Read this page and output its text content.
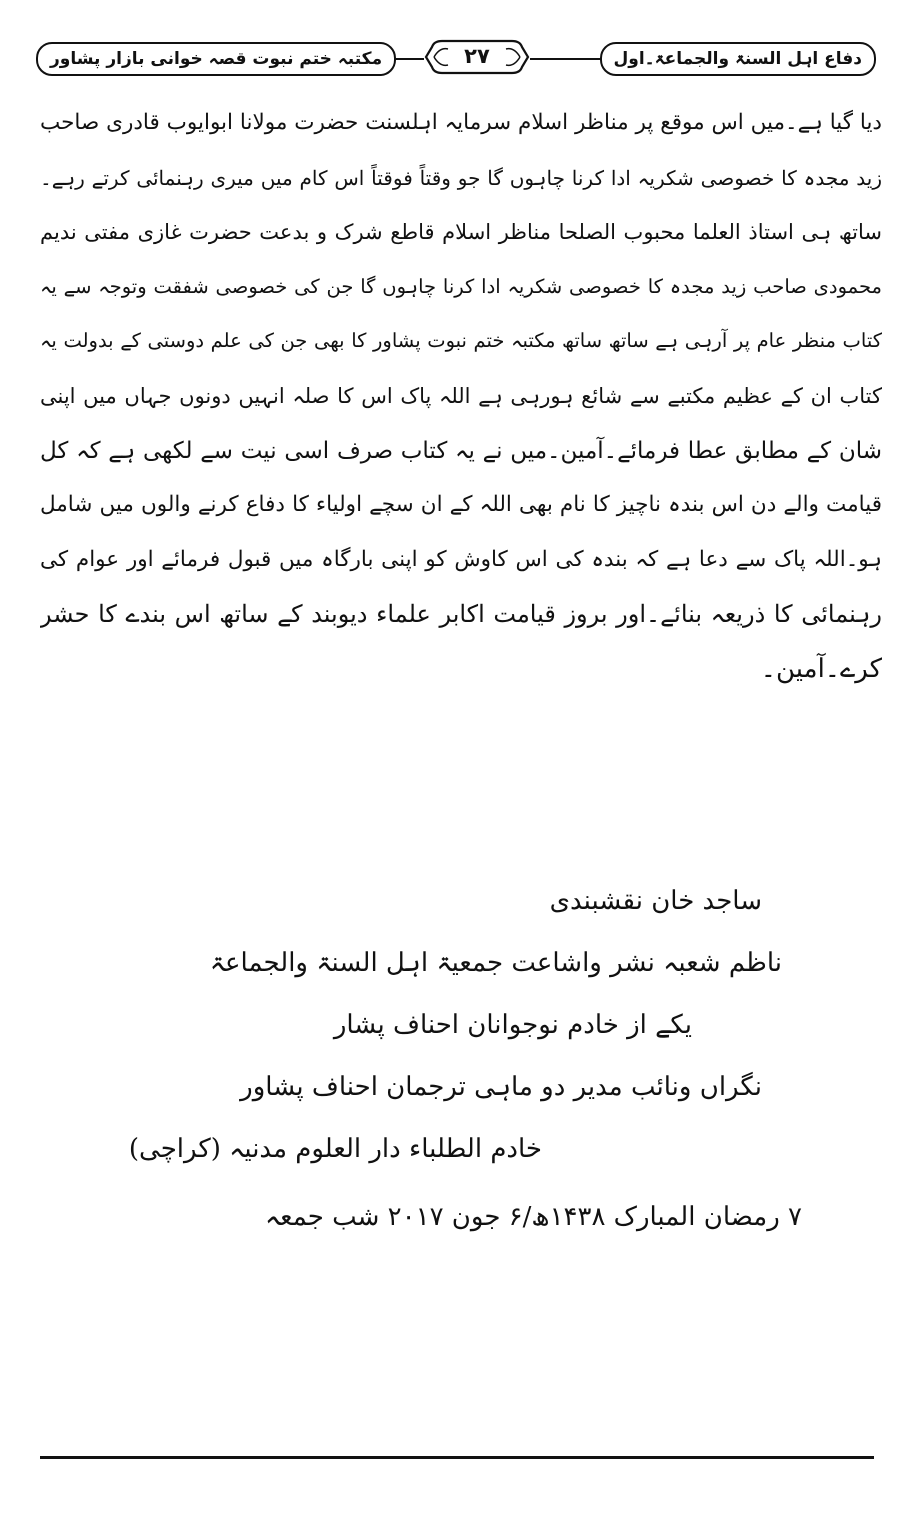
دفاع اہل السنۃ والجماعۃ۔اول
۲۷
مکتبہ ختم نبوت قصہ خوانی بازار پشاور
دیا گیا ہے۔میں اس موقع پر مناظر اسلام سرمایہ اہلسنت حضرت مولانا ابوایوب قادری صاحب
زید مجدہ کا خصوصی شکریہ ادا کرنا چاہوں گا جو وقتاً فوقتاً اس کام میں میری رہنمائی کرتے رہے۔
ساتھ ہی استاذ العلما محبوب الصلحا مناظر اسلام قاطع شرک و بدعت حضرت غازی مفتی ندیم
محمودی صاحب زید مجدہ کا خصوصی شکریہ ادا کرنا چاہوں گا جن کی خصوصی شفقت وتوجہ سے یہ
کتاب منظر عام پر آرہی ہے ساتھ ساتھ مکتبہ ختم نبوت پشاور کا بھی جن کی علم دوستی کے بدولت یہ
کتاب ان کے عظیم مکتبے سے شائع ہورہی ہے اللہ پاک اس کا صلہ انہیں دونوں جہاں میں اپنی
شان کے مطابق عطا فرمائے۔آمین۔میں نے یہ کتاب صرف اسی نیت سے لکھی ہے کہ کل
قیامت والے دن اس بندہ ناچیز کا نام بھی اللہ کے ان سچے اولیاء کا دفاع کرنے والوں میں شامل
ہو۔اللہ پاک سے دعا ہے کہ بندہ کی اس کاوش کو اپنی بارگاہ میں قبول فرمائے اور عوام کی
رہنمائی کا ذریعہ بنائے۔اور بروز قیامت اکابر علماء دیوبند کے ساتھ اس بندے کا حشر
کرے۔آمین۔
ساجد خان نقشبندی
ناظم شعبہ نشر واشاعت جمعیۃ اہل السنۃ والجماعۃ
یکے از خادم نوجوانان احناف پشار
نگراں ونائب مدیر دو ماہی ترجمان احناف پشاور
خادم الطلباء دار العلوم مدنیہ (کراچی)
۷ رمضان المبارک ۱۴۳۸ھ/۶ جون ۲۰۱۷ شب جمعہ
